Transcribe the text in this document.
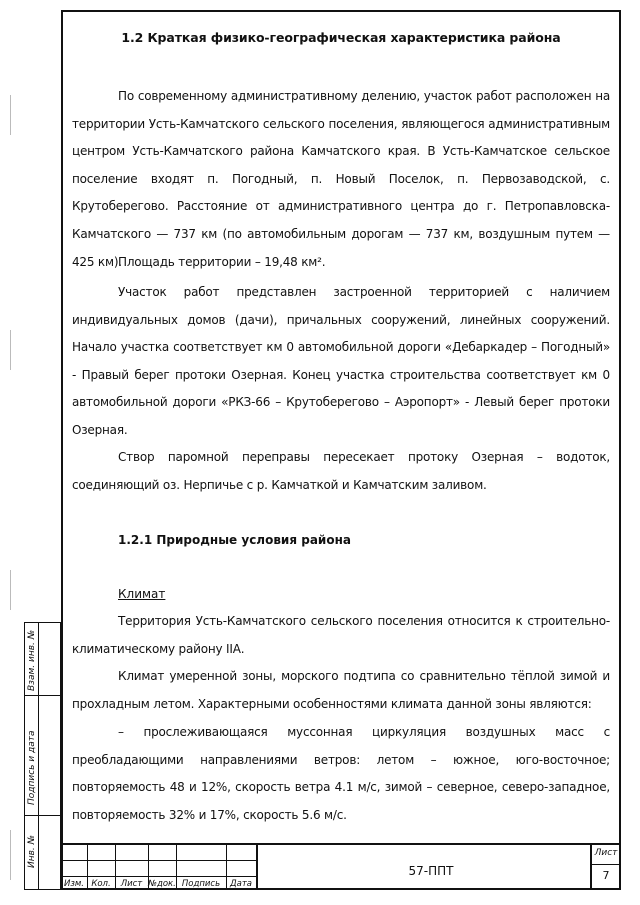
1.2 Краткая физико-географическая характеристика района
По современному административному делению, участок работ расположен на территории Усть-Камчатского сельского поселения, являющегося административным центром Усть-Камчатского района Камчатского края. В Усть-Камчатское сельское поселение входят п. Погодный, п. Новый Поселок, п. Первозаводской, с. Крутоберегово. Расстояние от административного центра до г. Петропавловска-Камчатского — 737 км (по автомобильным дорогам — 737 км, воздушным путем — 425 км).
Площадь территории – 19,48 км².
Участок работ представлен застроенной территорией с наличием индивидуальных домов (дачи), причальных сооружений, линейных сооружений. Начало участка соответствует км 0 автомобильной дороги «Дебаркадер – Погодный» - Правый берег протоки Озерная. Конец участка строительства соответствует км 0 автомобильной дороги «РКЗ-66 – Крутоберегово – Аэропорт» - Левый берег протоки Озерная.
Створ паромной переправы пересекает протоку Озерная – водоток, соединяющий оз. Нерпичье с р. Камчаткой и Камчатским заливом.
1.2.1 Природные условия района
Климат
Территория Усть-Камчатского сельского поселения относится к строительно-климатическому району IIА.
Климат умеренной зоны, морского подтипа со сравнительно тёплой зимой и прохладным летом. Характерными особенностями климата данной зоны являются:
– прослеживающаяся муссонная циркуляция воздушных масс с преобладающими направлениями ветров: летом – южное, юго-восточное; повторяемость 48 и 12%, скорость ветра 4.1 м/с, зимой – северное, северо-западное, повторяемость 32% и 17%, скорость 5.6 м/с.
Взам. инв. №
Подпись и дата
Инв. №
Изм. Кол.	Лист №док. Подпись	Дата
57-ППТ
Лист
7
